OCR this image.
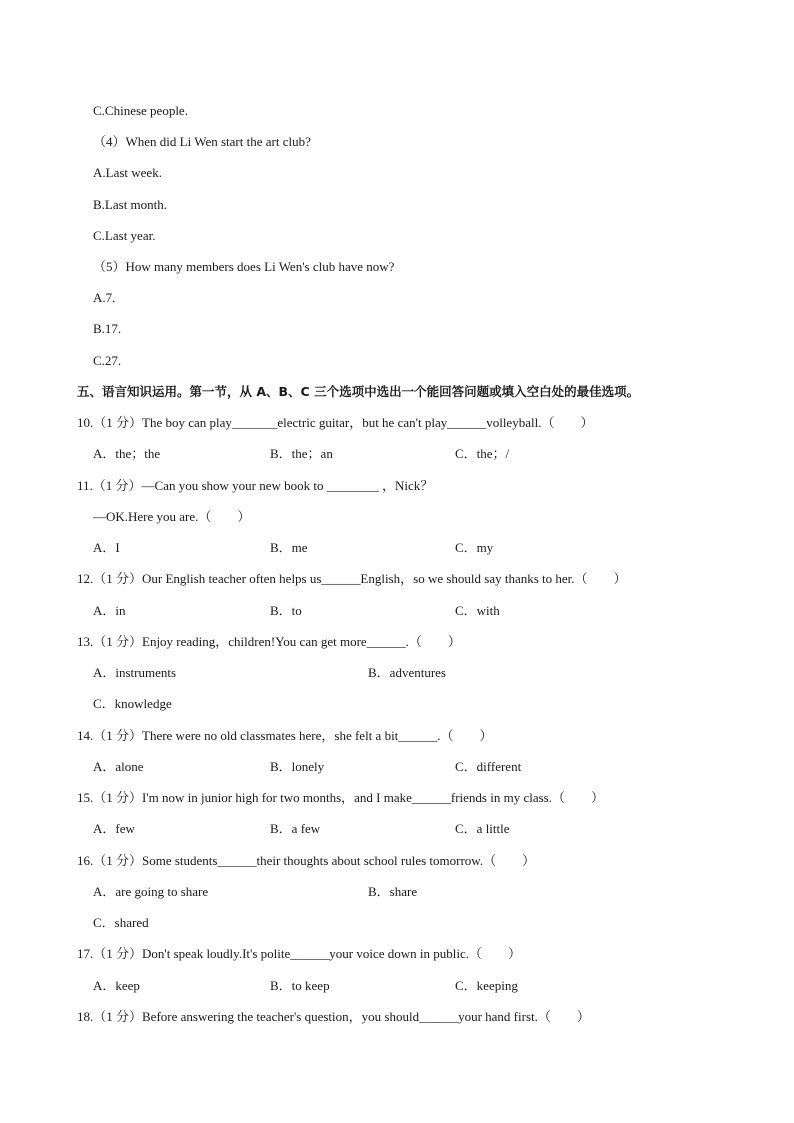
C.Chinese people.
（4）When did Li Wen start the art club?
A.Last week.
B.Last month.
C.Last year.
（5）How many members does Li Wen's club have now?
A.7.
B.17.
C.27.
五、语言知识运用。第一节，从 A、B、C 三个选项中选出一个能回答问题或填入空白处的最佳选项。
10.（1 分）The boy can play_______electric guitar，but he can't play______volleyball.（　　）
A．the；the	B．the；an	C．the；/
11.（1 分）—Can you show your new book to ________ ，Nick？
—OK.Here you are.（　　）
A．I	B．me	C．my
12.（1 分）Our English teacher often helps us______English，so we should say thanks to her.（　　）
A．in	B．to	C．with
13.（1 分）Enjoy reading，children!You can get more______.（　　）
A．instruments	B．adventures
C．knowledge
14.（1 分）There were no old classmates here，she felt a bit______.（　　）
A．alone	B．lonely	C．different
15.（1 分）I'm now in junior high for two months，and I make______friends in my class.（　　）
A．few	B．a few	C．a little
16.（1 分）Some students______their thoughts about school rules tomorrow.（　　）
A．are going to share	B．share
C．shared
17.（1 分）Don't speak loudly.It's polite______your voice down in public.（　　）
A．keep	B．to keep	C．keeping
18.（1 分）Before answering the teacher's question，you should______your hand first.（　　）
